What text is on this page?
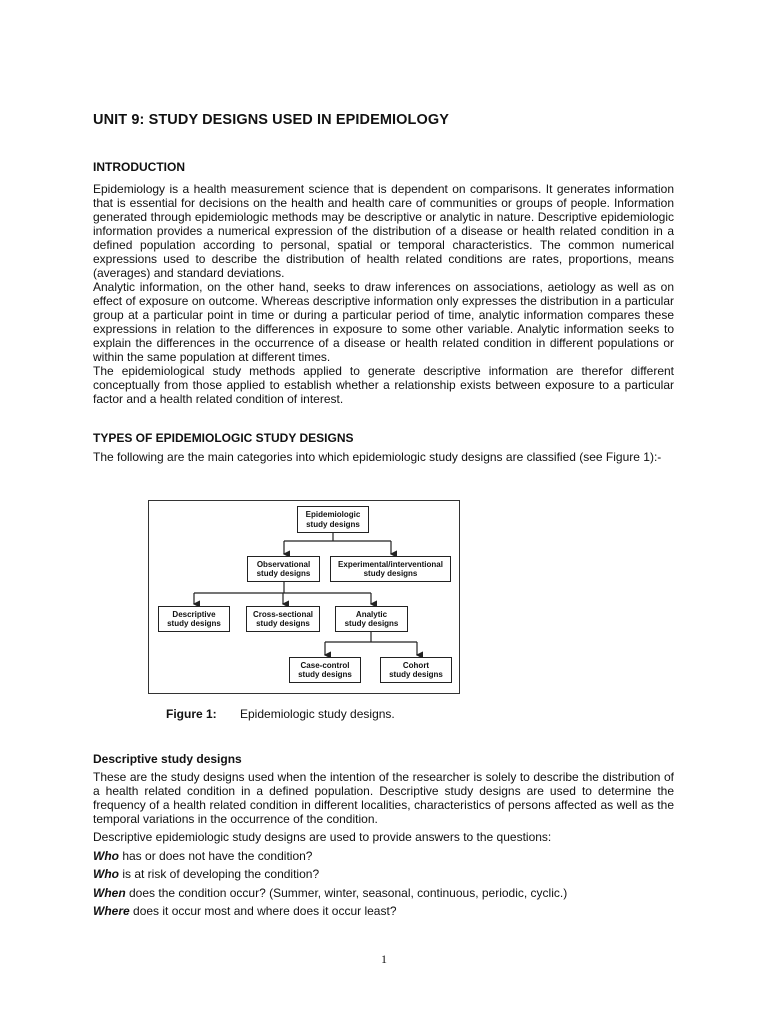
UNIT 9: STUDY DESIGNS USED IN EPIDEMIOLOGY
INTRODUCTION

Epidemiology is a health measurement science that is dependent on comparisons. It generates information that is essential for decisions on the health and health care of communities or groups of people. Information generated through epidemiologic methods may be descriptive or analytic in nature. Descriptive epidemiologic information provides a numerical expression of the distribution of a disease or health related condition in a defined population according to personal, spatial or temporal characteristics. The common numerical expressions used to describe the distribution of health related conditions are rates, proportions, means (averages) and standard deviations.

Analytic information, on the other hand, seeks to draw inferences on associations, aetiology as well as on effect of exposure on outcome. Whereas descriptive information only expresses the distribution in a particular group at a particular point in time or during a particular period of time, analytic information compares these expressions in relation to the differences in exposure to some other variable. Analytic information seeks to explain the differences in the occurrence of a disease or health related condition in different populations or within the same population at different times.

The epidemiological study methods applied to generate descriptive information are therefor different conceptually from those applied to establish whether a relationship exists between exposure to a particular factor and a health related condition of interest.

TYPES OF EPIDEMIOLOGIC STUDY DESIGNS

The following are the main categories into which epidemiologic study designs are classified (see Figure 1):-

Epidemiologic
study designs
Observational
study designs
Experimental/interventional
study designs
Descriptive
study designs
Cross-sectional
study designs
Analytic
study designs
Case-control
study designs
Cohort
study designs
Figure 1: Epidemiologic study designs.
Descriptive study designs

These are the study designs used when the intention of the researcher is solely to describe the distribution of a health related condition in a defined population. Descriptive study designs are used to determine the frequency of a health related condition in different localities, characteristics of persons affected as well as the temporal variations in the occurrence of the condition.

Descriptive epidemiologic study designs are used to provide answers to the questions:
Who has or does not have the condition?
Who is at risk of developing the condition?
When does the condition occur? (Summer, winter, seasonal, continuous, periodic, cyclic.)
Where does it occur most and where does it occur least?
1
